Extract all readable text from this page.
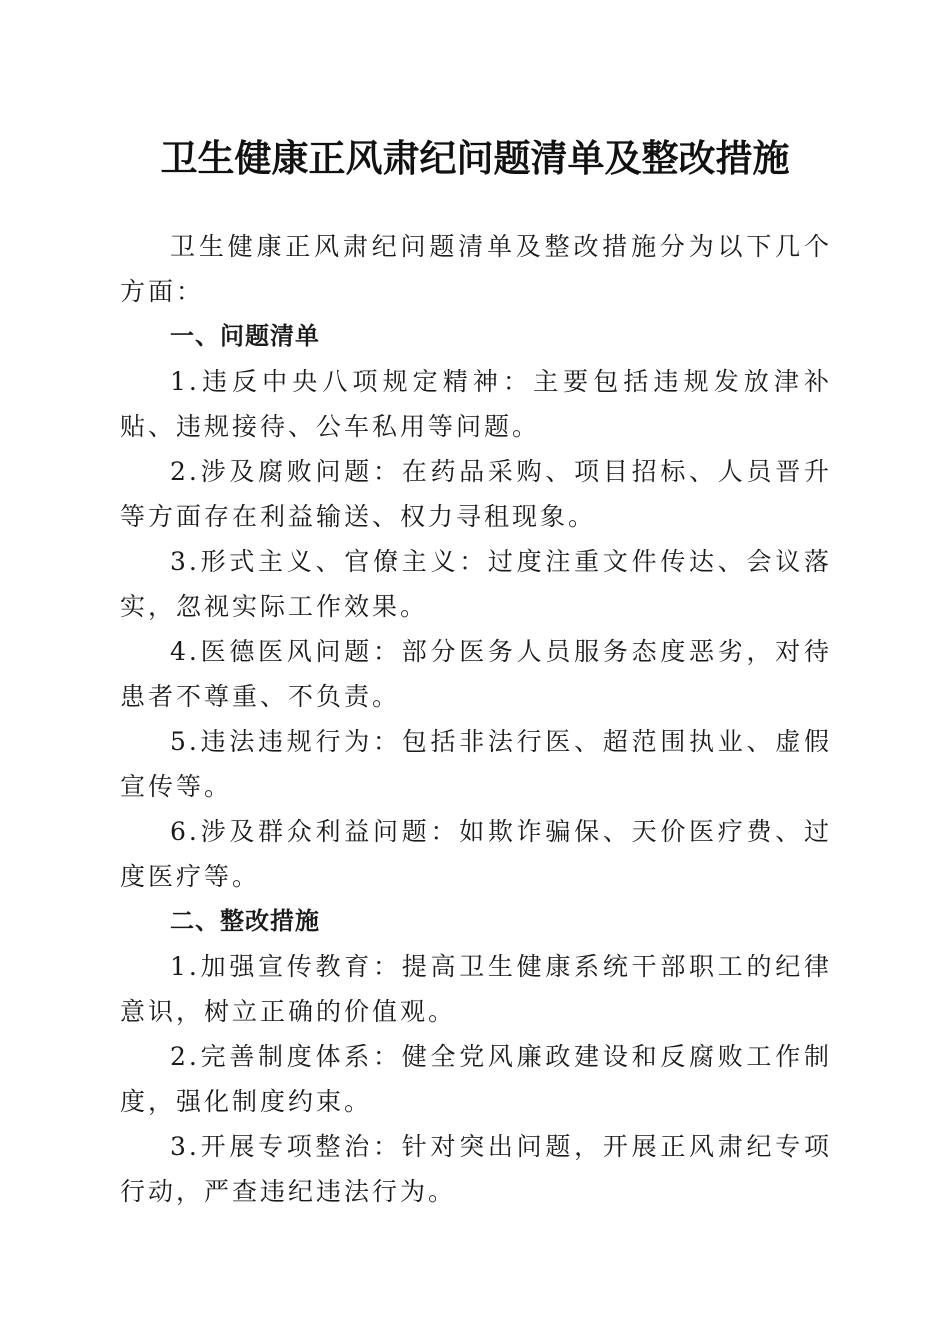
卫生健康正风肃纪问题清单及整改措施

卫生健康正风肃纪问题清单及整改措施分为以下几个方面：

一、问题清单

1.违反中央八项规定精神：主要包括违规发放津补贴、违规接待、公车私用等问题。

2.涉及腐败问题：在药品采购、项目招标、人员晋升等方面存在利益输送、权力寻租现象。

3.形式主义、官僚主义：过度注重文件传达、会议落实，忽视实际工作效果。

4.医德医风问题：部分医务人员服务态度恶劣，对待患者不尊重、不负责。

5.违法违规行为：包括非法行医、超范围执业、虚假宣传等。

6.涉及群众利益问题：如欺诈骗保、天价医疗费、过度医疗等。

二、整改措施

1.加强宣传教育：提高卫生健康系统干部职工的纪律意识，树立正确的价值观。

2.完善制度体系：健全党风廉政建设和反腐败工作制度，强化制度约束。

3.开展专项整治：针对突出问题，开展正风肃纪专项行动，严查违纪违法行为。
